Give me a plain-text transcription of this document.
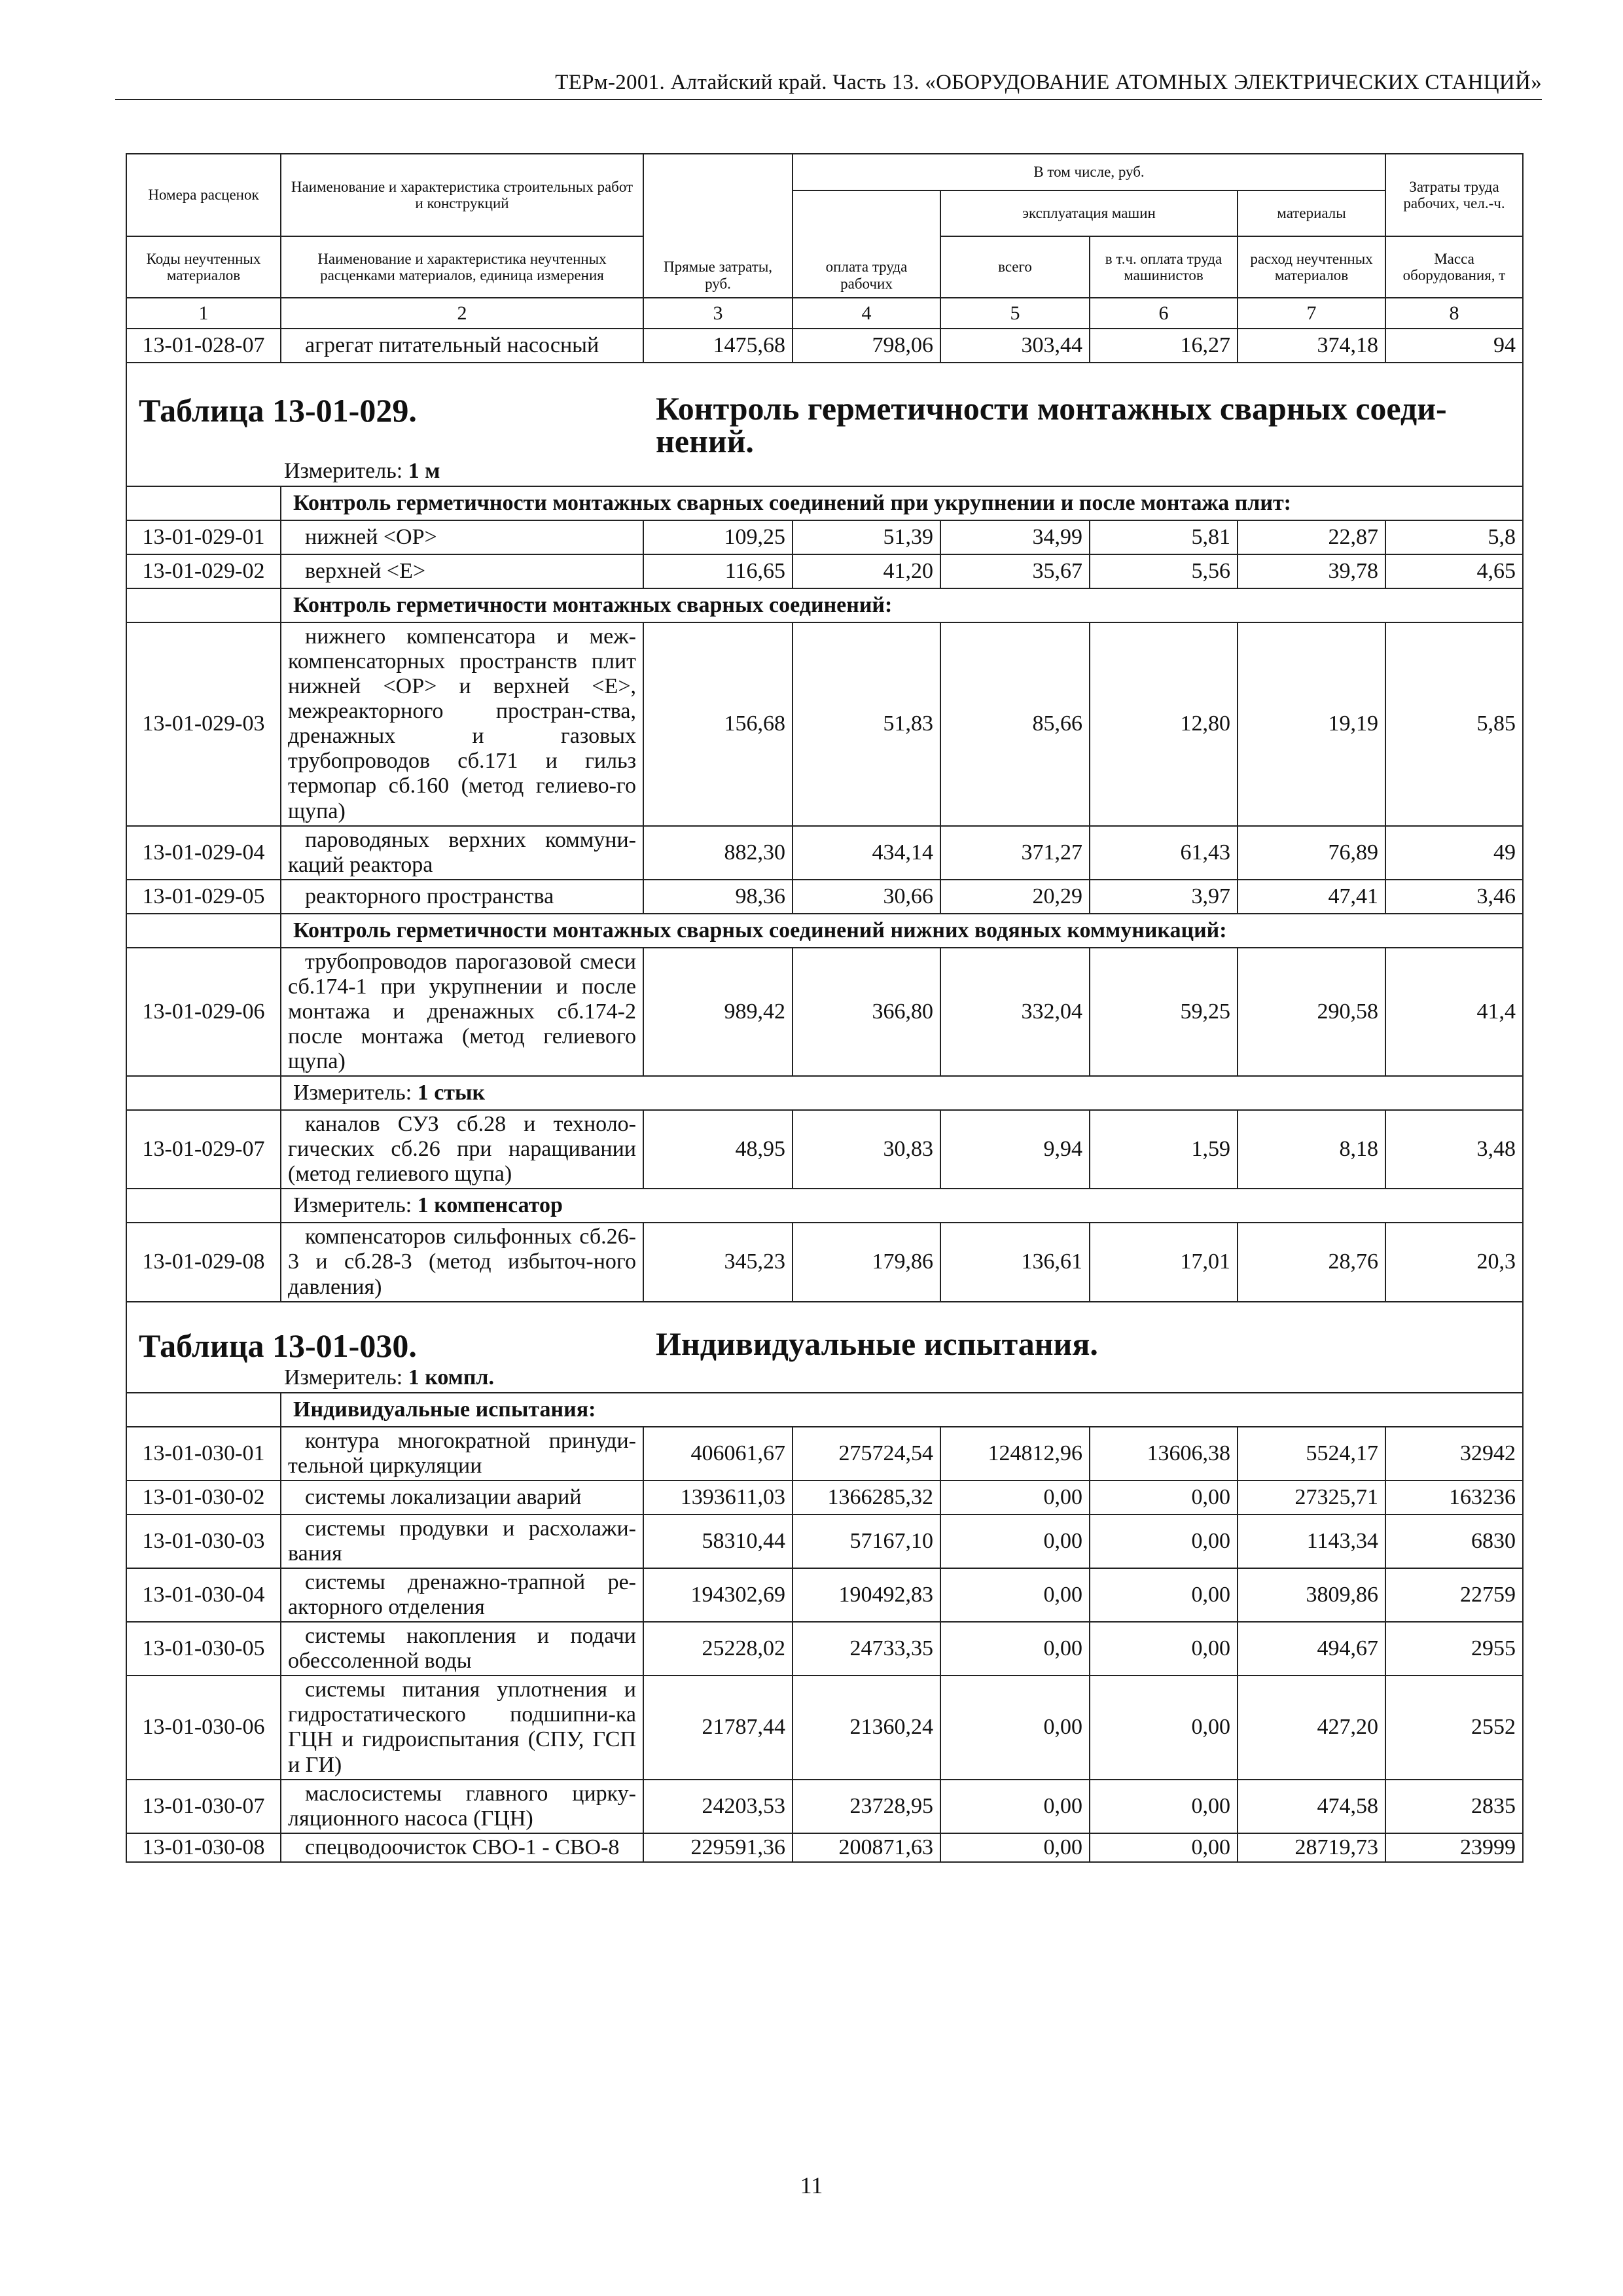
ТЕРм-2001. Алтайский край. Часть 13. «ОБОРУДОВАНИЕ АТОМНЫХ ЭЛЕКТРИЧЕСКИХ СТАНЦИЙ»
Номера расценок	Наименование и характеристика строительных работ и конструкций	Прямые затраты, руб.	В том числе, руб.				Затраты труда рабочих, чел.-ч.
			оплата труда рабочих	эксплуатация машин		материалы	
Коды неучтенных материалов	Наименование и характеристика неучтенных расценками материалов, единица измерения			всего	в т.ч. оплата труда машинистов	расход неучтенных материалов	Масса оборудования, т
1	2	3	4	5	6	7	8
13-01-028-07	агрегат питательный насосный	1475,68	798,06	303,44	16,27	374,18	94

Таблица 13-01-029. Контроль герметичности монтажных сварных соеди-нений.							

Измеритель: 1 м							
	Контроль герметичности монтажных сварных соединений при укрупнении и после монтажа плит:						
13-01-029-01	нижней <ОР>	109,25	51,39	34,99	5,81	22,87	5,8
13-01-029-02	верхней <Е>	116,65	41,20	35,67	5,56	39,78	4,65
	Контроль герметичности монтажных сварных соединений:						
13-01-029-03	нижнего компенсатора и меж-компенсаторных пространств плит нижней <ОР> и верхней <Е>, межреакторного простран-ства, дренажных и газовых трубопроводов сб.171 и гильз термопар сб.160 (метод гелиево-го щупа)	156,68	51,83	85,66	12,80	19,19	5,85
13-01-029-04	пароводяных верхних коммуни-каций реактора	882,30	434,14	371,27	61,43	76,89	49
13-01-029-05	реакторного пространства	98,36	30,66	20,29	3,97	47,41	3,46
	Контроль герметичности монтажных сварных соединений нижних водяных коммуникаций:						
13-01-029-06	трубопроводов парогазовой смеси сб.174-1 при укрупнении и после монтажа и дренажных сб.174-2 после монтажа (метод гелиевого щупа)	989,42	366,80	332,04	59,25	290,58	41,4
	Измеритель: 1 стык						
13-01-029-07	каналов СУЗ сб.28 и техноло-гических сб.26 при наращивании (метод гелиевого щупа)	48,95	30,83	9,94	1,59	8,18	3,48
	Измеритель: 1 компенсатор						
13-01-029-08	компенсаторов сильфонных сб.26-3 и сб.28-3 (метод избыточ-ного давления)	345,23	179,86	136,61	17,01	28,76	20,3

Таблица 13-01-030. Индивидуальные испытания.							

Измеритель: 1 компл.							
	Индивидуальные испытания:						
13-01-030-01	контура многократной принуди-тельной циркуляции	406061,67	275724,54	124812,96	13606,38	5524,17	32942
13-01-030-02	системы локализации аварий	1393611,03	1366285,32	0,00	0,00	27325,71	163236
13-01-030-03	системы продувки и расхолажи-вания	58310,44	57167,10	0,00	0,00	1143,34	6830
13-01-030-04	системы дренажно-трапной ре-акторного отделения	194302,69	190492,83	0,00	0,00	3809,86	22759
13-01-030-05	системы накопления и подачи обессоленной воды	25228,02	24733,35	0,00	0,00	494,67	2955
13-01-030-06	системы питания уплотнения и гидростатического подшипни-ка ГЦН и гидроиспытания (СПУ, ГСП и ГИ)	21787,44	21360,24	0,00	0,00	427,20	2552
13-01-030-07	маслосистемы главного цирку-ляционного насоса (ГЦН)	24203,53	23728,95	0,00	0,00	474,58	2835
13-01-030-08	спецводоочисток СВО-1 - СВО-8	229591,36	200871,63	0,00	0,00	28719,73	23999
11
